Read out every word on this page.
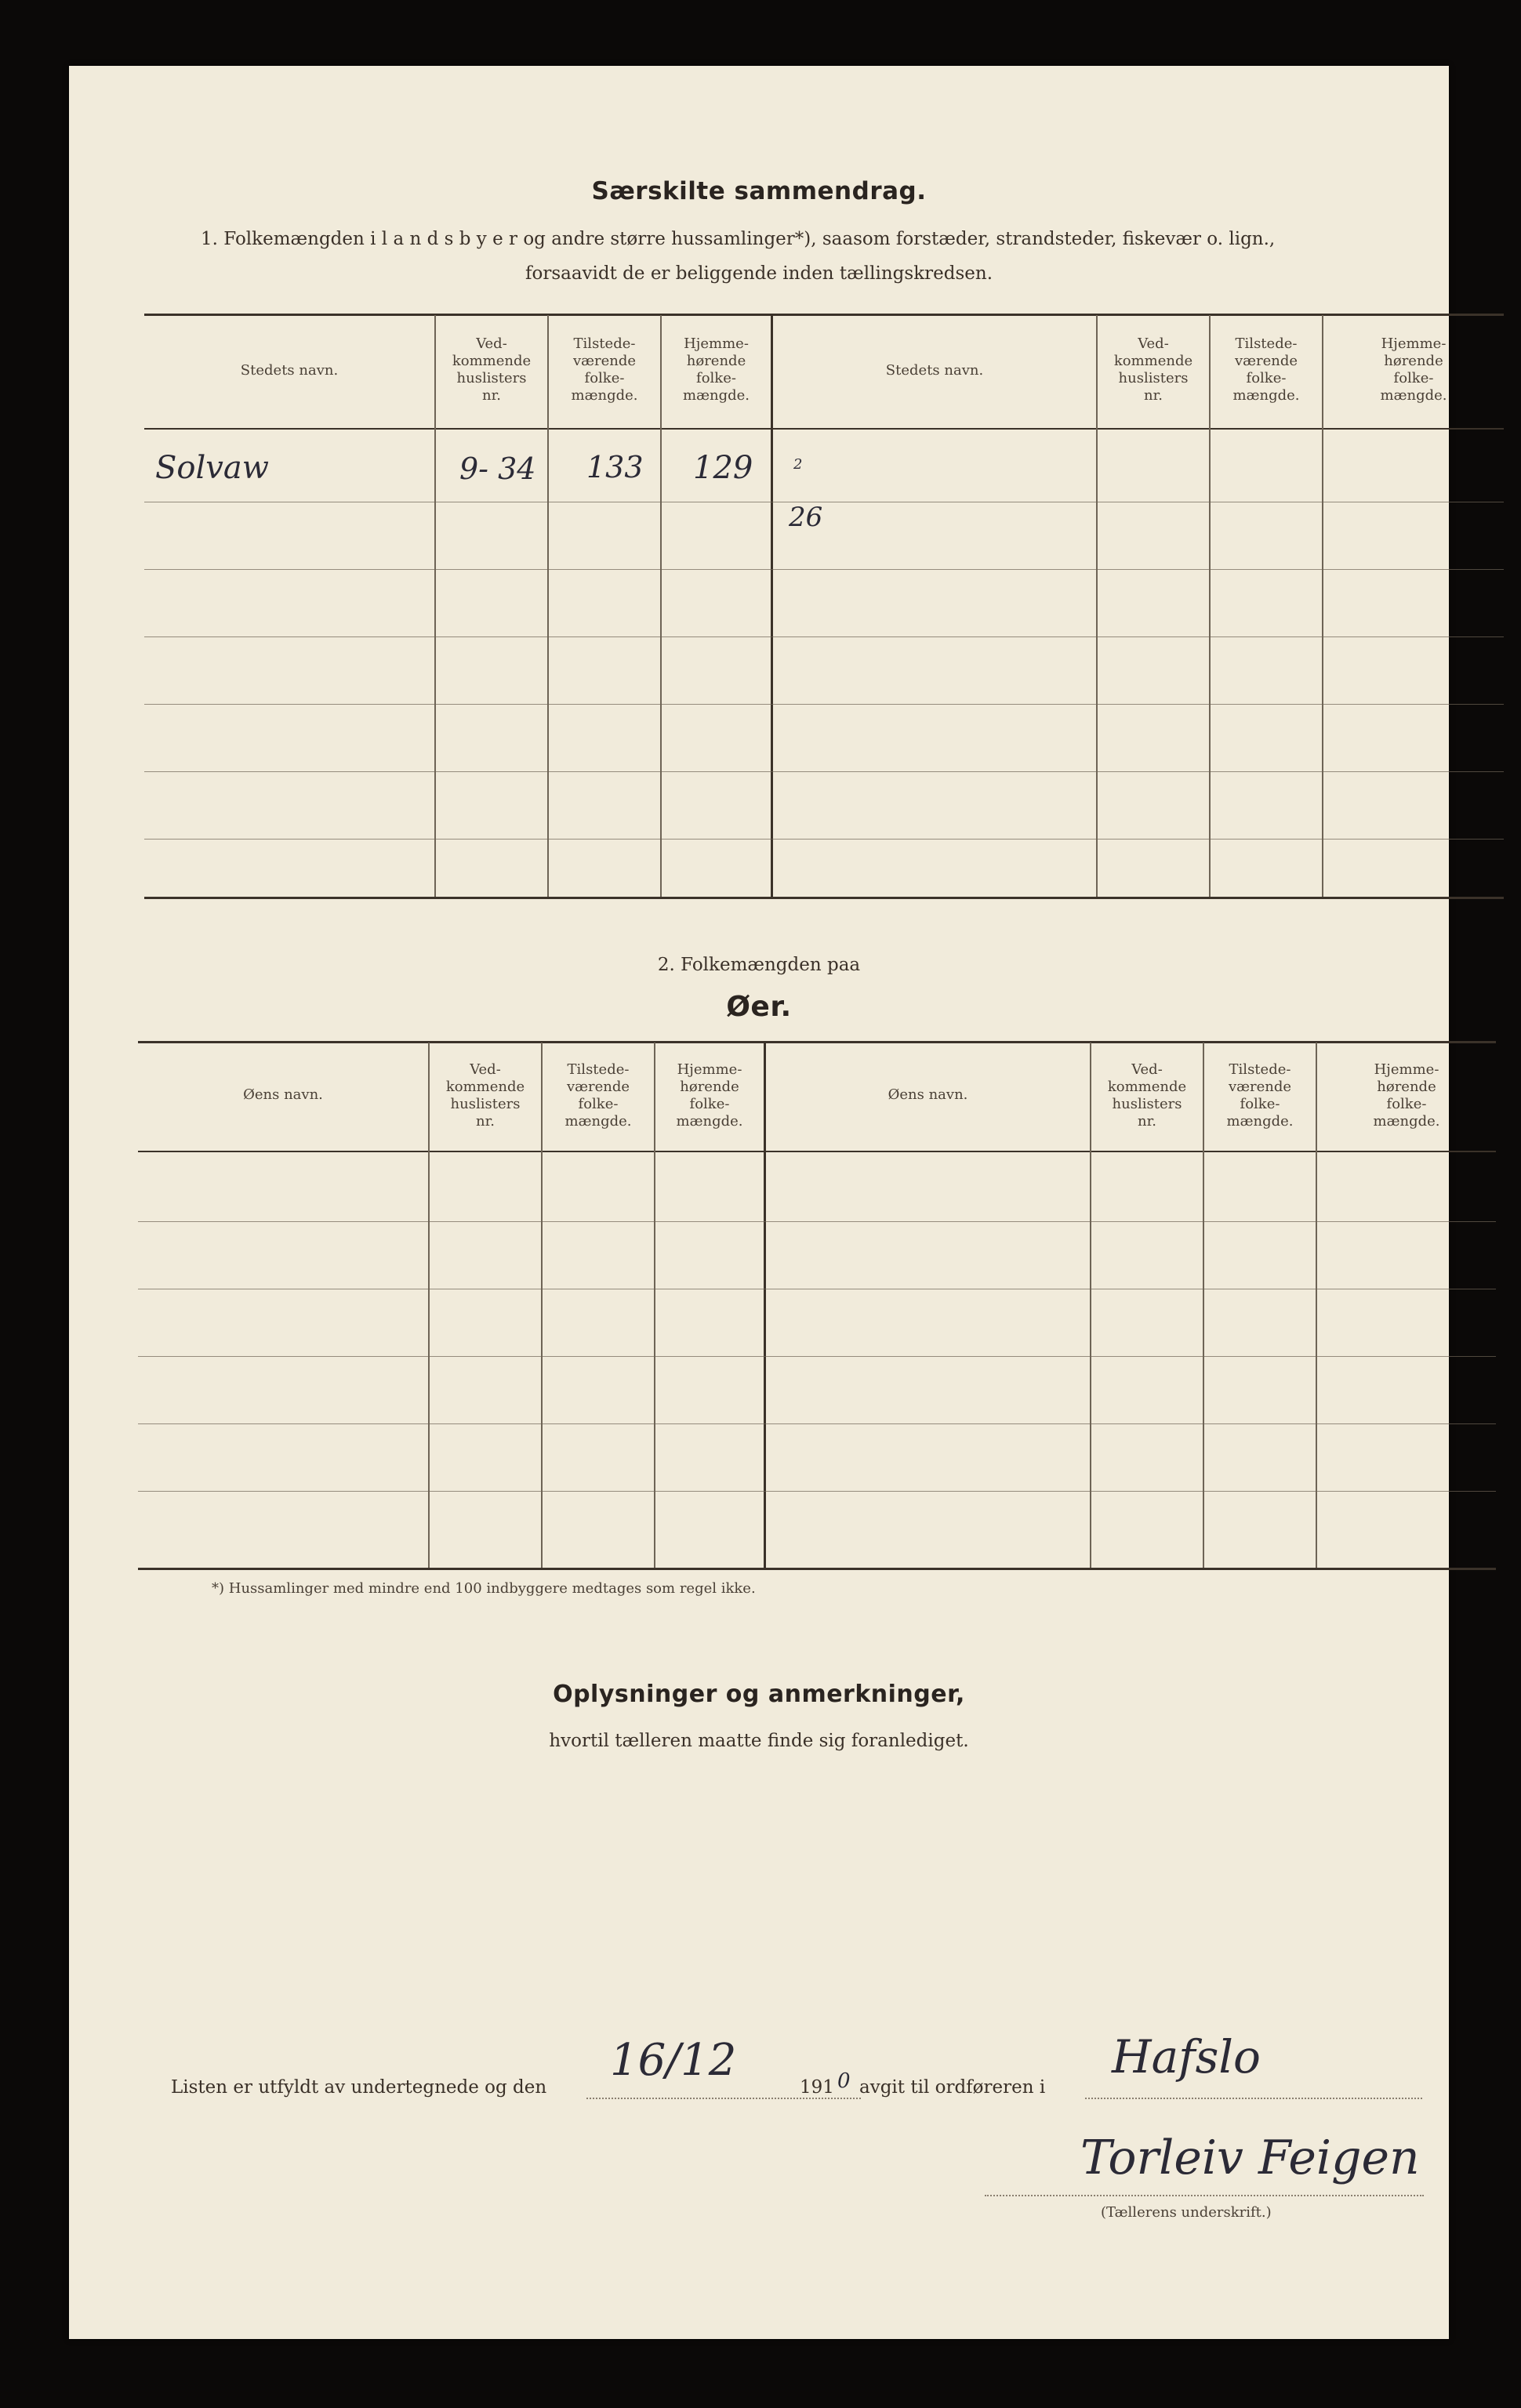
Særskilte sammendrag.
1. Folkemængden i l a n d s b y e r og andre større hussamlinger*), saasom forstæder, strandsteder, fiskevær o. lign.,
forsaavidt de er beliggende inden tællingskredsen.
Stedets navn.
Ved-
kommende
huslisters
nr.
Tilstede-
værende
folke-
mængde.
Hjemme-
hørende
folke-
mængde.
Stedets navn.
Ved-
kommende
huslisters
nr.
Tilstede-
værende
folke-
mængde.
Hjemme-
hørende
folke-
mængde.
Solvaw	9- 34 133 129	2
26
2. Folkemængden paa
Øer.
Øens navn.
Ved-
kommende
huslisters
nr.
Tilstede-
værende
folke-
mængde.
Hjemme-
hørende
folke-
mængde.
Øens navn.
Ved-
kommende
huslisters
nr.
Tilstede-
værende
folke-
mængde.
Hjemme-
hørende
folke-
mængde.
*) Hussamlinger med mindre end 100 indbyggere medtages som regel ikke.
Oplysninger og anmerkninger,
hvortil tælleren maatte finde sig foranlediget.
Listen er utfyldt av undertegnede og den
16/12
191 0 avgit til ordføreren i
Hafslo
Torleiv Feigen
(Tællerens underskrift.)
